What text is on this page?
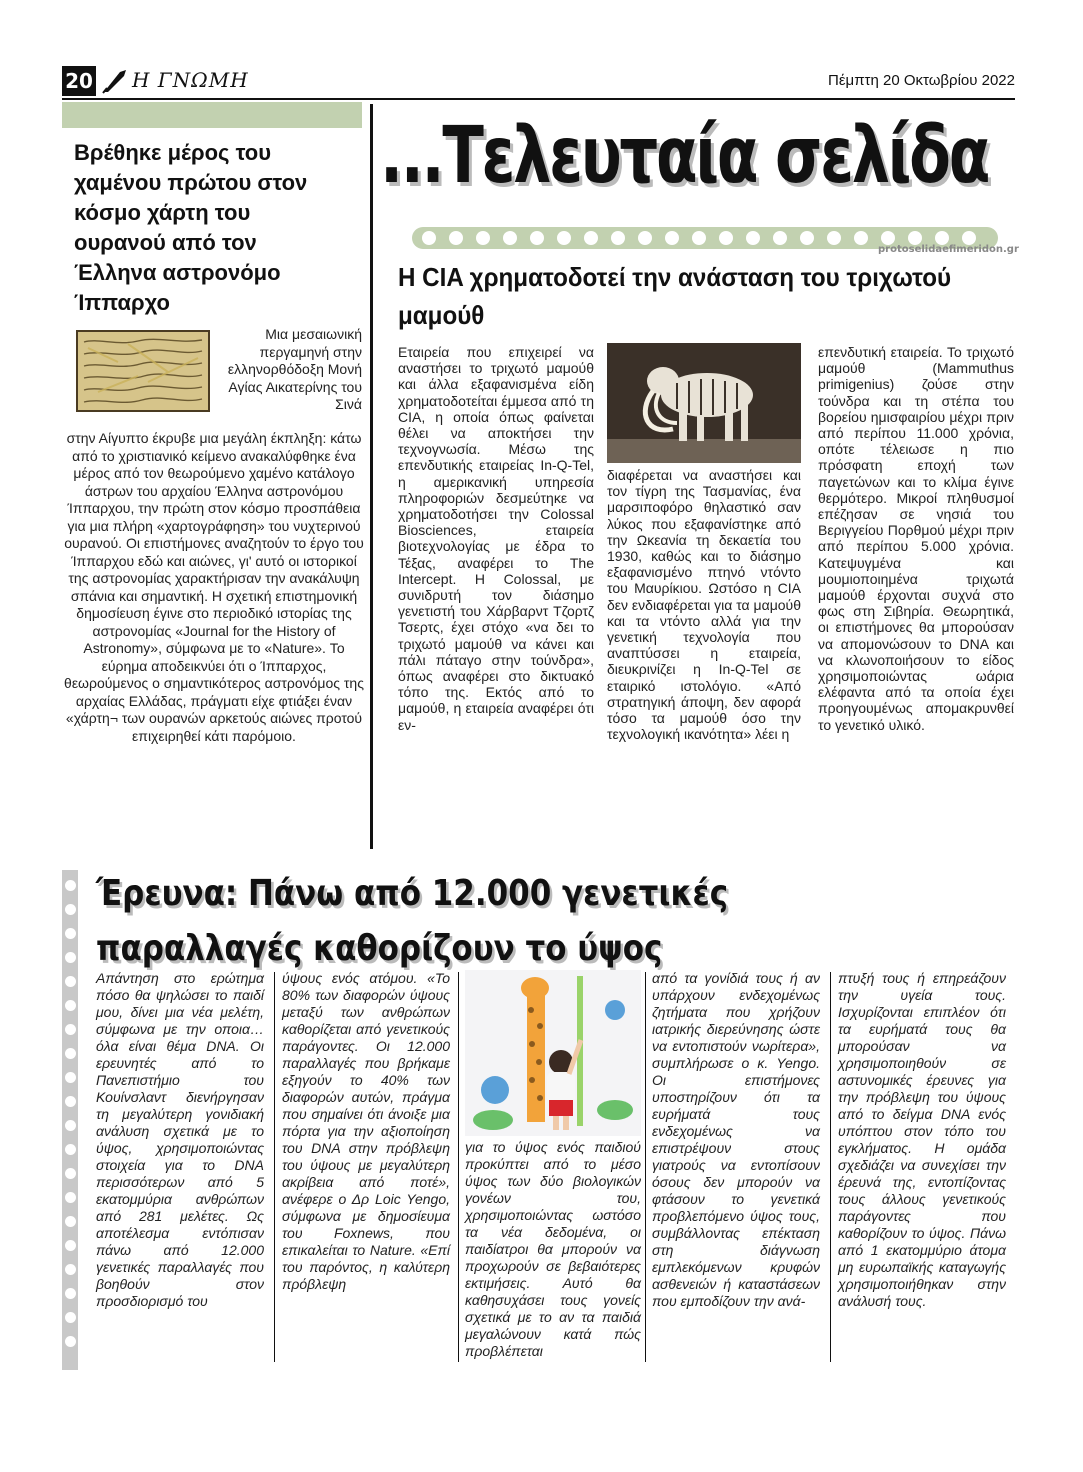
20 Η ΓΝΩΜΗ	Πέμπτη 20 Οκτωβρίου 2022
Βρέθηκε μέρος του χαμένου πρώτου στον κόσμο χάρτη του ουρανού από τον Έλληνα αστρονόμο Ίππαρχο
Μια μεσαιωνική περγαμηνή στην ελληνορθόδοξη Μονή Αγίας Αικατερίνης του Σινά
στην Αίγυπτο έκρυβε μια μεγάλη έκπληξη: κάτω από το χριστιανικό κείμενο ανακαλύφθηκε ένα μέρος από τον θεωρούμενο χαμένο κατάλογο άστρων του αρχαίου Έλληνα αστρονόμου Ίππαρχου, την πρώτη στον κόσμο προσπάθεια για μια πλήρη «χαρτογράφηση» του νυχτερινού ουρανού. Οι επιστήμονες αναζητούν το έργο του Ίππαρχου εδώ και αιώνες, γι' αυτό οι ιστορικοί της αστρονομίας χαρακτήρισαν την ανακάλυψη σπάνια και σημαντική. Η σχετική επιστημονική δημοσίευση έγινε στο περιοδικό ιστορίας της αστρονομίας «Journal for the History of Astronomy», σύμφωνα με το «Nature». Το εύρημα αποδεικνύει ότι ο Ίππαρχος, θεωρούμενος ο σημαντικότερος αστρονόμος της αρχαίας Ελλάδας, πράγματι είχε φτιάξει έναν «χάρτη¬ των ουρανών αρκετούς αιώνες προτού επιχειρηθεί κάτι παρόμοιο.
...Τελευταία σελίδα
protoselidaefimeridon.gr
Η CIA χρηματοδοτεί την ανάσταση του τριχωτού μαμούθ
Εταιρεία που επιχειρεί να αναστήσει το τριχωτό μαμούθ και άλλα εξαφανισμένα είδη χρηματοδοτείται έμμεσα από τη CIA, η οποία όπως φαίνεται θέλει να αποκτήσει την τεχνογνωσία. Μέσω της επενδυτικής εταιρείας In-Q-Tel, η αμερικανική υπηρεσία πληροφοριών δεσμεύτηκε να χρηματοδοτήσει την Colossal Biosciences, εταιρεία βιοτεχνολογίας με έδρα το Τέξας, αναφέρει το The Intercept. Η Colossal, με συνιδρυτή τον διάσημο γενετιστή του Χάρβαρντ Τζορτζ Τσερτς, έχει στόχο «να δει το τριχωτό μαμούθ να κάνει και πάλι πάταγο στην τούνδρα», όπως αναφέρει στο δικτυακό τόπο της. Εκτός από το μαμούθ, η εταιρεία αναφέρει ότι εν-
διαφέρεται να αναστήσει και τον τίγρη της Τασμανίας, ένα μαρσιποφόρο θηλαστικό σαν λύκος που εξαφανίστηκε από την Ωκεανία τη δεκαετία του 1930, καθώς και το διάσημο εξαφανισμένο πτηνό ντόντο του Μαυρίκιου. Ωστόσο η CIA δεν ενδιαφέρεται για τα μαμούθ και τα ντόντο αλλά για την γενετική τεχνολογία που αναπτύσσει η εταιρεία, διευκρινίζει η In-Q-Tel σε εταιρικό ιστολόγιο. «Από στρατηγική άποψη, δεν αφορά τόσο τα μαμούθ όσο την τεχνολογική ικανότητα» λέει η
επενδυτική εταιρεία. Το τριχωτό μαμούθ (Mammuthus primigenius) ζούσε στην τούνδρα και τη στέπα του βορείου ημισφαιρίου μέχρι πριν από περίπου 11.000 χρόνια, οπότε τέλειωσε η πιο πρόσφατη εποχή των παγετώνων και το κλίμα έγινε θερμότερο. Μικροί πληθυσμοί επέζησαν σε νησιά του Βεριγγείου Πορθμού μέχρι πριν από περίπου 5.000 χρόνια. Κατεψυγμένα και μουμιοποιημένα τριχωτά μαμούθ έρχονται συχνά στο φως στη Σιβηρία. Θεωρητικά, οι επιστήμονες θα μπορούσαν να απομονώσουν το DNA και να κλωνοποιήσουν το είδος χρησιμοποιώντας ωάρια ελέφαντα από τα οποία έχει προηγουμένως απομακρυνθεί το γενετικό υλικό.
Έρευνα: Πάνω από 12.000 γενετικές παραλλαγές καθορίζουν το ύψος
Απάντηση στο ερώτημα πόσο θα ψηλώσει το παιδί μου, δίνει μια νέα μελέτη, σύμφωνα με την οποια… όλα είναι θέμα DNA. Οι ερευνητές από το Πανεπιστήμιο του Κουίνσλαντ διενήργησαν τη μεγαλύτερη γονιδιακή ανάλυση σχετικά με το ύψος, χρησιμοποιώντας στοιχεία για το DNA περισσότερων από 5 εκατομμύρια ανθρώπων από 281 μελέτες. Ως αποτέλεσμα εντόπισαν πάνω από 12.000 γενετικές παραλλαγές που βοηθούν στον προσδιορισμό του
ύψους ενός ατόμου. «Το 80% των διαφορών ύψους μεταξύ των ανθρώπων καθορίζεται από γενετικούς παράγοντες. Οι 12.000 παραλλαγές που βρήκαμε εξηγούν το 40% των διαφορών αυτών, πράγμα που σημαίνει ότι άνοιξε μια πόρτα για την αξιοποίηση του DNA στην πρόβλεψη του ύψους με μεγαλύτερη ακρίβεια από ποτέ», ανέφερε ο Δρ Loic Yengo, σύμφωνα με δημοσίευμα του Foxnews, που επικαλείται το Nature. «Επί του παρόντος, η καλύτερη πρόβλεψη
για το ύψος ενός παιδιού προκύπτει από το μέσο ύψος των δύο βιολογικών γονέων του, χρησιμοποιώντας ωστόσο τα νέα δεδομένα, οι παιδίατροι θα μπορούν να προχωρούν σε βεβαιότερες εκτιμήσεις. Αυτό θα καθησυχάσει τους γονείς σχετικά με το αν τα παιδιά μεγαλώνουν κατά πώς προβλέπεται
από τα γονίδιά τους ή αν υπάρχουν ενδεχομένως ζητήματα που χρήζουν ιατρικής διερεύνησης ώστε να εντοπιστούν νωρίτερα», συμπλήρωσε ο κ. Yengo. Οι επιστήμονες υποστηρίζουν ότι τα ευρήματά τους ενδεχομένως να επιστρέψουν στους γιατρούς να εντοπίσουν όσους δεν μπορούν να φτάσουν το γενετικά προβλεπόμενο ύψος τους, συμβάλλοντας επέκταση στη διάγνωση εμπλεκόμενων κρυφών ασθενειών ή καταστάσεων που εμποδίζουν την ανά-
πτυξή τους ή επηρεάζουν την υγεία τους. Ισχυρίζονται επιπλέον ότι τα ευρήματά τους θα μπορούσαν να χρησιμοποιηθούν σε αστυνομικές έρευνες για την πρόβλεψη του ύψους από το δείγμα DNA ενός υπόπτου στον τόπο του εγκλήματος. Η ομάδα σχεδιάζει να συνεχίσει την έρευνά της, εντοπίζοντας τους άλλους γενετικούς παράγοντες που καθορίζουν το ύψος. Πάνω από 1 εκατομμύριο άτομα μη ευρωπαϊκής καταγωγής χρησιμοποιήθηκαν στην ανάλυσή τους.
